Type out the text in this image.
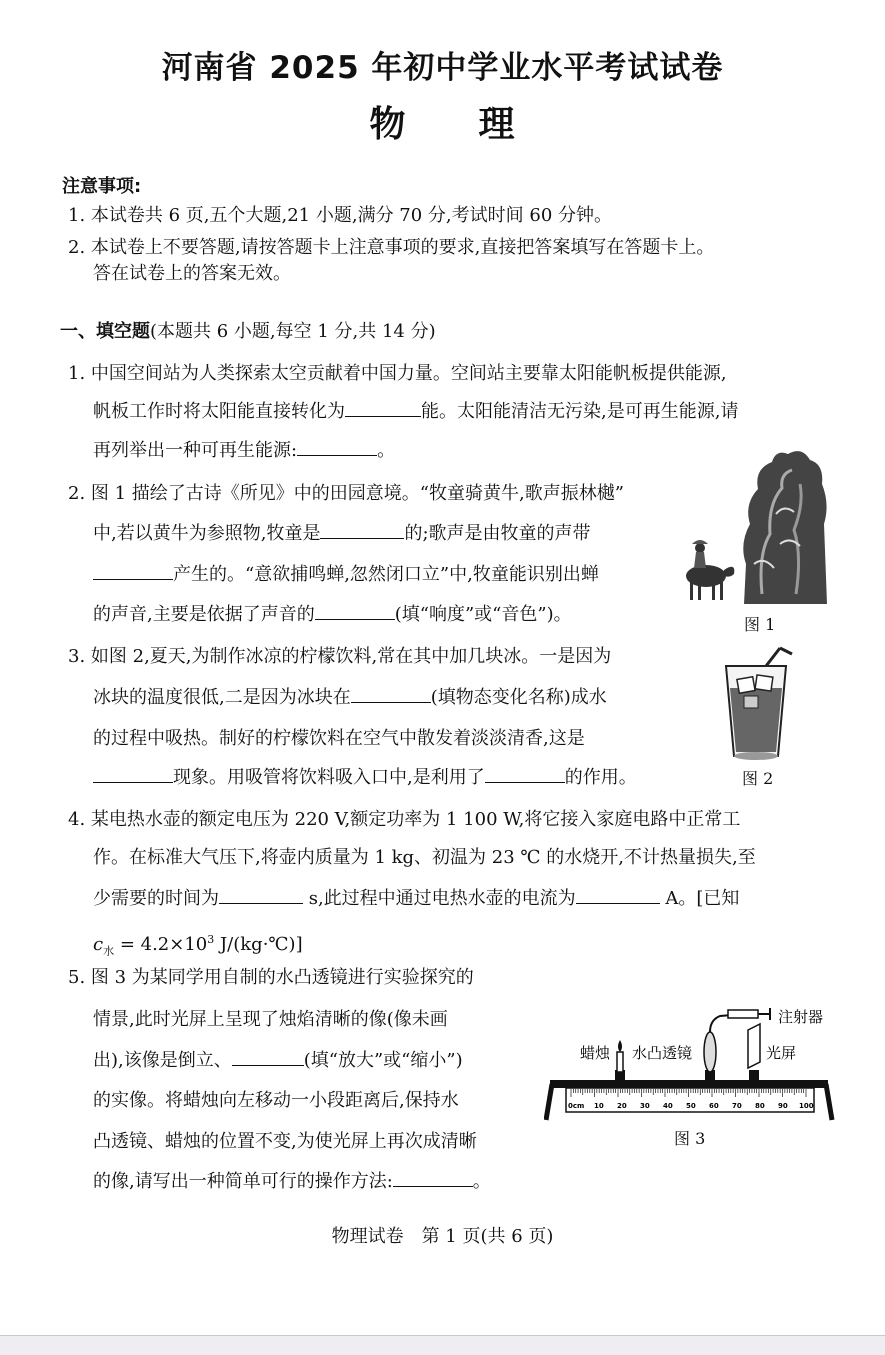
河南省 2025 年初中学业水平考试试卷
物 理
注意事项:
1. 本试卷共 6 页,五个大题,21 小题,满分 70 分,考试时间 60 分钟。
2. 本试卷上不要答题,请按答题卡上注意事项的要求,直接把答案填写在答题卡上。
答在试卷上的答案无效。
一、填空题(本题共 6 小题,每空 1 分,共 14 分)
1. 中国空间站为人类探索太空贡献着中国力量。空间站主要靠太阳能帆板提供能源,
帆板工作时将太阳能直接转化为	能。太阳能清洁无污染,是可再生能源,请
再列举出一种可再生能源:	。
2. 图 1 描绘了古诗《所见》中的田园意境。“牧童骑黄牛,歌声振林樾”
中,若以黄牛为参照物,牧童是	的;歌声是由牧童的声带
产生的。“意欲捕鸣蝉,忽然闭口立”中,牧童能识别出蝉
的声音,主要是依据了声音的	(填“响度”或“音色”)。	图 1
3. 如图 2,夏天,为制作冰凉的柠檬饮料,常在其中加几块冰。一是因为
冰块的温度很低,二是因为冰块在	(填物态变化名称)成水
的过程中吸热。制好的柠檬饮料在空气中散发着淡淡清香,这是
现象。用吸管将饮料吸入口中,是利用了	的作用。	图 2
4. 某电热水壶的额定电压为 220 V,额定功率为 1 100 W,将它接入家庭电路中正常工
作。在标准大气压下,将壶内质量为 1 kg、初温为 23 ℃ 的水烧开,不计热量损失,至
少需要的时间为	s,此过程中通过电热水壶的电流为	A。[已知
$c_水 = 4.2\times 10^3$ J/(kg·℃)]
5. 图 3 为某同学用自制的水凸透镜进行实验探究的
情景,此时光屏上呈现了烛焰清晰的像(像未画
出),该像是倒立、	(填“放大”或“缩小”)
的实像。将蜡烛向左移动一小段距离后,保持水
凸透镜、蜡烛的位置不变,为使光屏上再次成清晰
的像,请写出一种简单可行的操作方法:	。
0cm 10 20 30 40 50 60 70 80 90 100
注射器
蜡烛 水凸透镜	光屏
图 3
物理试卷　第 1 页(共 6 页)
